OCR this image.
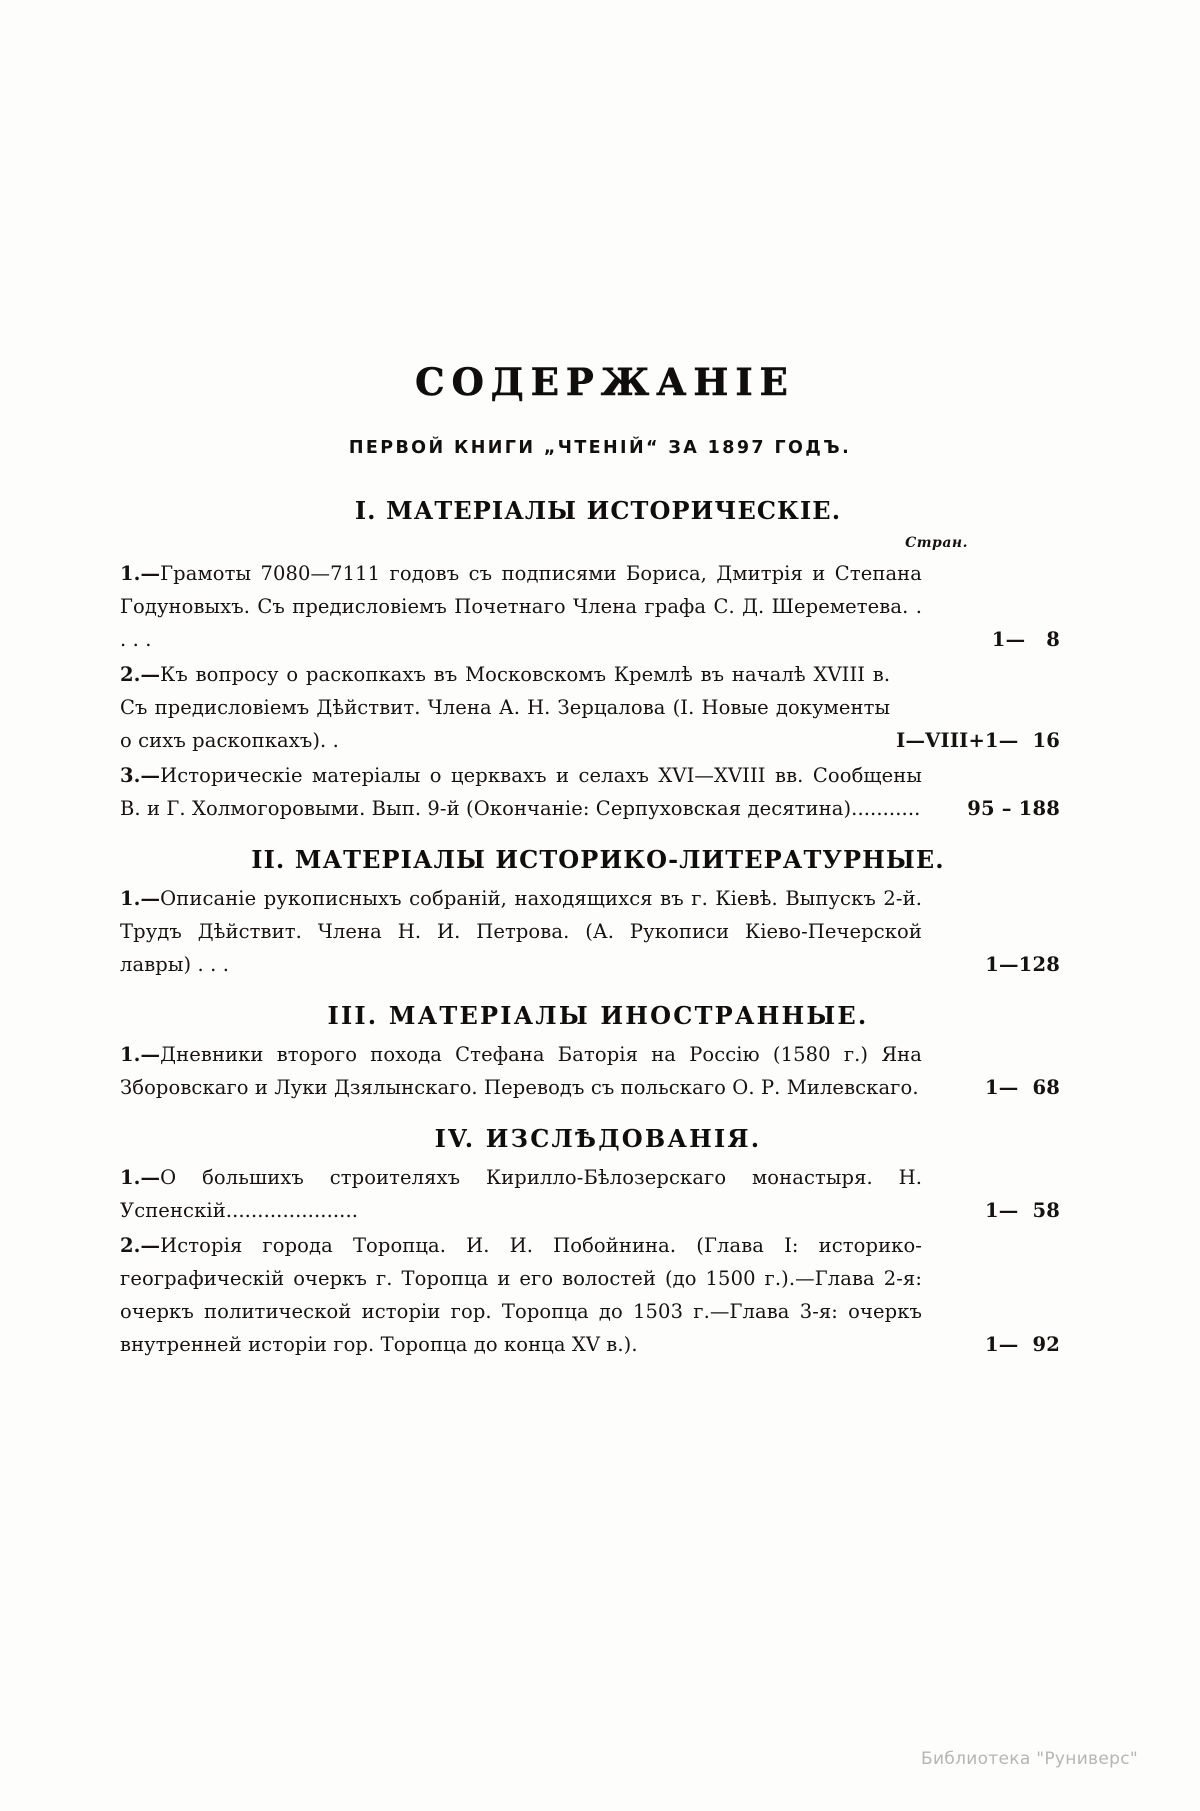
СОДЕРЖАНІЕ
ПЕРВОЙ КНИГИ „ЧТЕНІЙ“ ЗА 1897 ГОДЪ.
I. МАТЕРІАЛЫ ИСТОРИЧЕСКІЕ.
Стран.
1.—Грамоты 7080—7111 годовъ съ подписями Бориса, Дмитрія и Степана Годуновыхъ. Съ предисловіемъ Почетнаго Члена графа С. Д. Шереметева. . . . .	1—   8
2.—Къ вопросу о раскопкахъ въ Московскомъ Кремлѣ въ началѣ XVIII в. Съ предисловіемъ Дѣйствит. Члена А. Н. Зерцалова (I. Новые документы о сихъ раскопкахъ). .	I—VIII+1—  16
3.—Историческіе матеріалы о церквахъ и селахъ XVI—XVIII вв. Сообщены В. и Г. Холмогоровыми. Вып. 9-й (Окончаніе: Серпуховская десятина)...........	95 – 188
II. МАТЕРІАЛЫ ИСТОРИКО-ЛИТЕРАТУРНЫЕ.
1.—Описаніе рукописныхъ собраній, находящихся въ г. Кіевѣ. Выпускъ 2-й. Трудъ Дѣйствит. Члена Н. И. Петрова. (А. Рукописи Кіево-Печерской лавры) . . .	1—128
III. МАТЕРІАЛЫ ИНОСТРАННЫЕ.
1.—Дневники второго похода Стефана Баторія на Россію (1580 г.) Яна Зборовскаго и Луки Дзялынскаго. Переводъ съ польскаго О. Р. Милевскаго.	1—  68
IV. ИЗСЛѢДОВАНІЯ.
1.—О большихъ строителяхъ Кирилло-Бѣлозерскаго монастыря. Н. Успенскій.....................	1—  58
2.—Исторія города Торопца. И. И. Побойнина. (Глава I: историко-географическій очеркъ г. Торопца и его волостей (до 1500 г.).—Глава 2-я: очеркъ политической исторіи гор. Торопца до 1503 г.—Глава 3-я: очеркъ внутренней исторіи гор. Торопца до конца XV в.).	1—  92
Библиотека "Руниверс"
